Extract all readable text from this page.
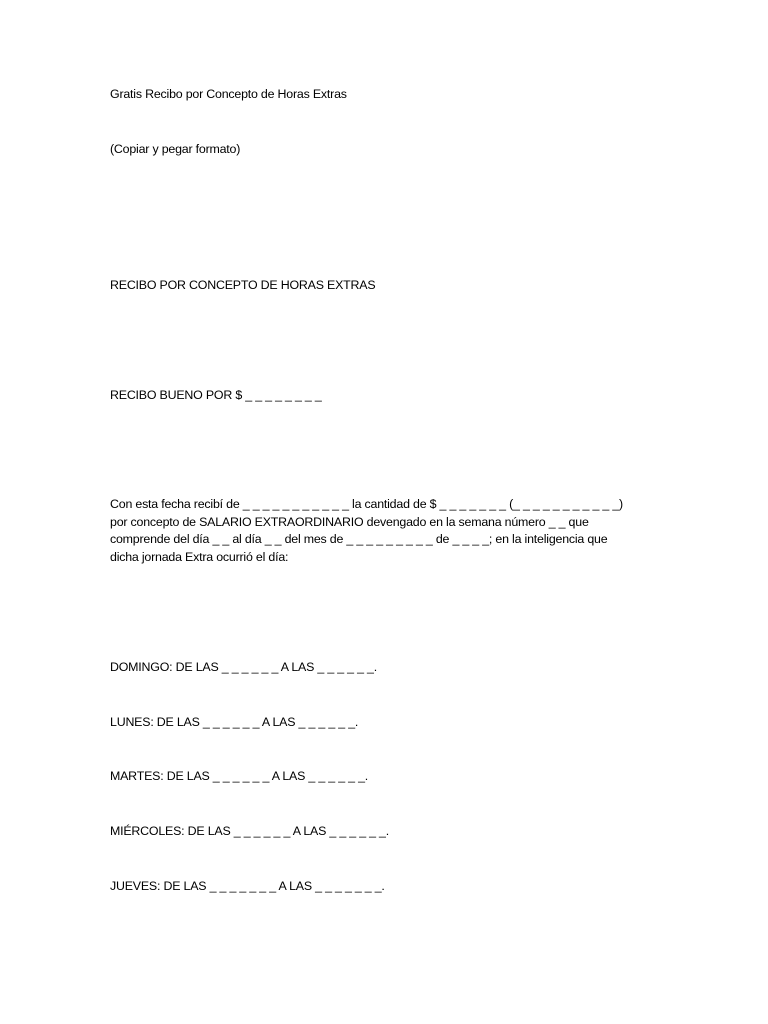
Gratis Recibo por Concepto de Horas Extras

(Copiar y pegar formato)

RECIBO POR CONCEPTO DE HORAS EXTRAS

RECIBO BUENO POR $ _ _ _ _ _ _ _ _

Con esta fecha recibí de _ _ _ _ _ _ _ _ _ _ _ la cantidad de $ _ _ _ _ _ _ _ (_ _ _ _ _ _ _ _ _ _ _)
por concepto de SALARIO EXTRAORDINARIO devengado en la semana número _ _ que
comprende del día _ _ al día _ _ del mes de _ _ _ _ _ _ _ _ _ de _ _ _ _; en la inteligencia que
dicha jornada Extra ocurrió el día:

DOMINGO: DE LAS _ _ _ _ _ _ A LAS _ _ _ _ _ _.

LUNES: DE LAS _ _ _ _ _ _ A LAS _ _ _ _ _ _.

MARTES: DE LAS _ _ _ _ _ _ A LAS _ _ _ _ _ _.

MIÉRCOLES: DE LAS _ _ _ _ _ _ A LAS _ _ _ _ _ _.

JUEVES: DE LAS _ _ _ _ _ _ _ A LAS _ _ _ _ _ _ _.
